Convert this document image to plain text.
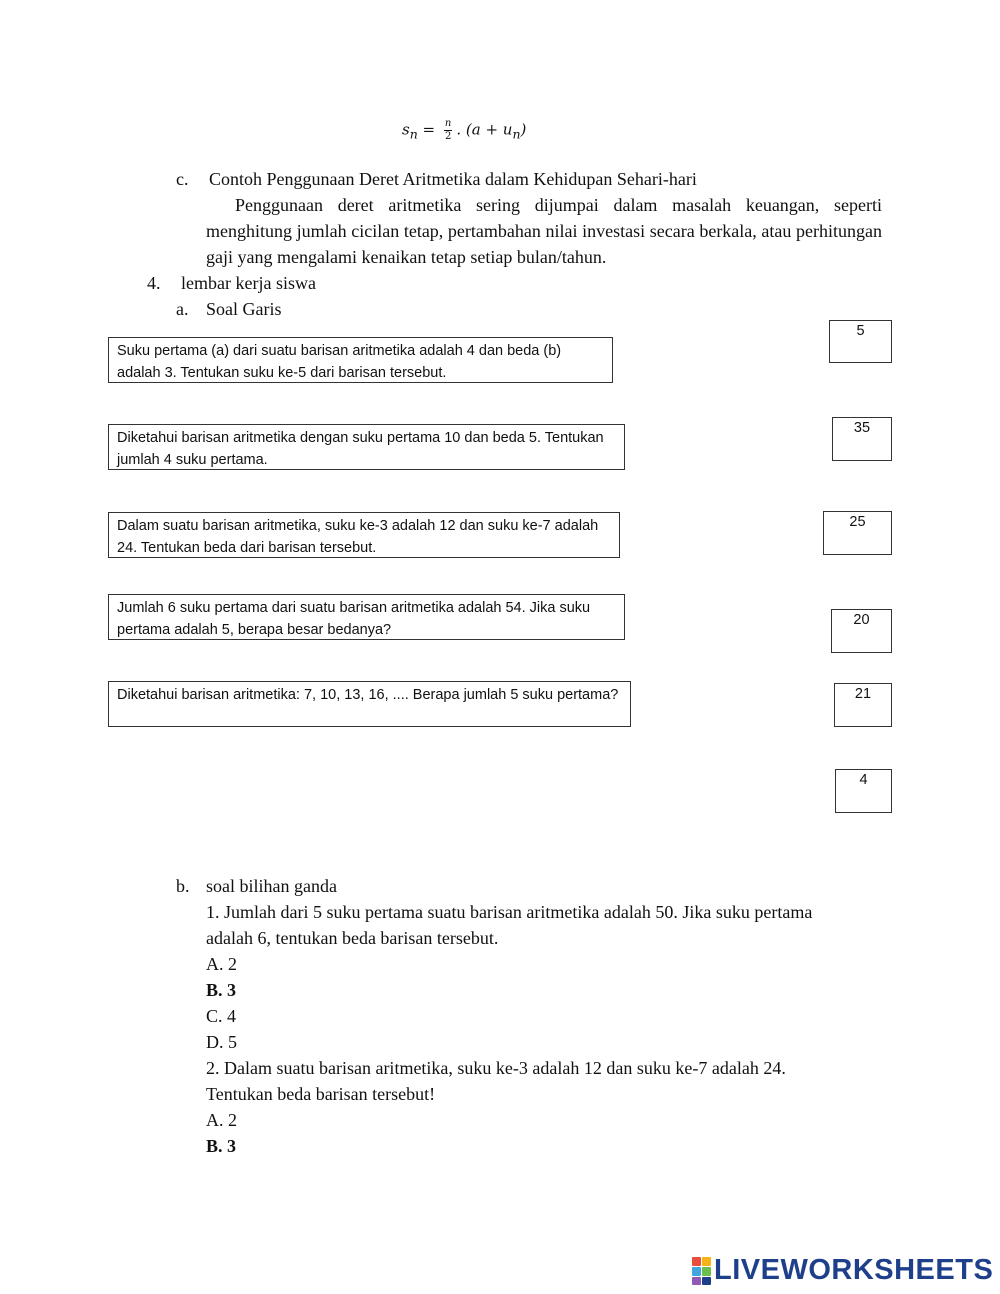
$s_n = \frac{n}{2}$ . $(a + u_n)$
c. Contoh Penggunaan Deret Aritmetika dalam Kehidupan Sehari-hari
Penggunaan deret aritmetika sering dijumpai dalam masalah keuangan, seperti menghitung jumlah cicilan tetap, pertambahan nilai investasi secara berkala, atau perhitungan gaji yang mengalami kenaikan tetap setiap bulan/tahun.
4. lembar kerja siswa
a. Soal Garis
Suku pertama (a) dari suatu barisan aritmetika adalah 4 dan beda (b) adalah 3. Tentukan suku ke-5 dari barisan tersebut.
Diketahui barisan aritmetika dengan suku pertama 10 dan beda 5. Tentukan jumlah 4 suku pertama.
Dalam suatu barisan aritmetika, suku ke-3 adalah 12 dan suku ke-7 adalah 24. Tentukan beda dari barisan tersebut.
Jumlah 6 suku pertama dari suatu barisan aritmetika adalah 54. Jika suku pertama adalah 5, berapa besar bedanya?
Diketahui barisan aritmetika: 7, 10, 13, 16, .... Berapa jumlah 5 suku pertama?
5
35
25
20
21
4
b. soal bilihan ganda
1. Jumlah dari 5 suku pertama suatu barisan aritmetika adalah 50. Jika suku pertama
adalah 6, tentukan beda barisan tersebut.
A. 2
B. 3
C. 4
D. 5
2. Dalam suatu barisan aritmetika, suku ke-3 adalah 12 dan suku ke-7 adalah 24.
Tentukan beda barisan tersebut!
A. 2
B. 3
LIVEWORKSHEETS
